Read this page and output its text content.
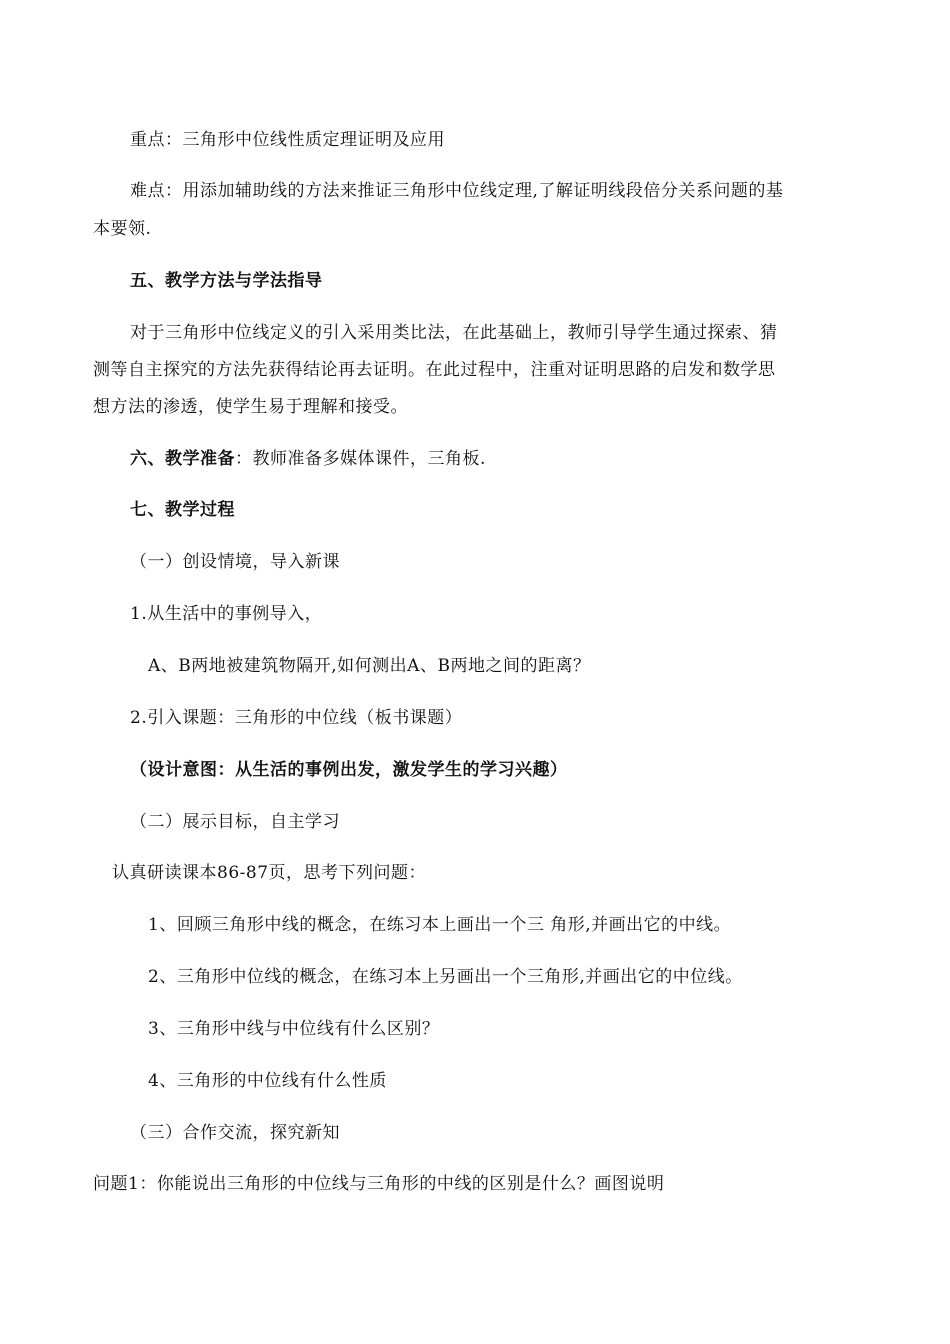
重点：三角形中位线性质定理证明及应用
难点：用添加辅助线的方法来推证三角形中位线定理,了解证明线段倍分关系问题的基
本要领.
五、教学方法与学法指导
对于三角形中位线定义的引入采用类比法，在此基础上，教师引导学生通过探索、猜
测等自主探究的方法先获得结论再去证明。在此过程中，注重对证明思路的启发和数学思
想方法的渗透，使学生易于理解和接受。
六、教学准备：教师准备多媒体课件，三角板.
七、教学过程
（一）创设情境，导入新课
1.从生活中的事例导入，
A、B两地被建筑物隔开,如何测出A、B两地之间的距离？
2.引入课题：三角形的中位线（板书课题）
（设计意图：从生活的事例出发，激发学生的学习兴趣）
（二）展示目标，自主学习
认真研读课本86-87页，思考下列问题：
1、回顾三角形中线的概念，在练习本上画出一个三 角形,并画出它的中线。
2、三角形中位线的概念，在练习本上另画出一个三角形,并画出它的中位线。
3、三角形中线与中位线有什么区别？
4、三角形的中位线有什么性质
（三）合作交流，探究新知
问题1：你能说出三角形的中位线与三角形的中线的区别是什么？画图说明
